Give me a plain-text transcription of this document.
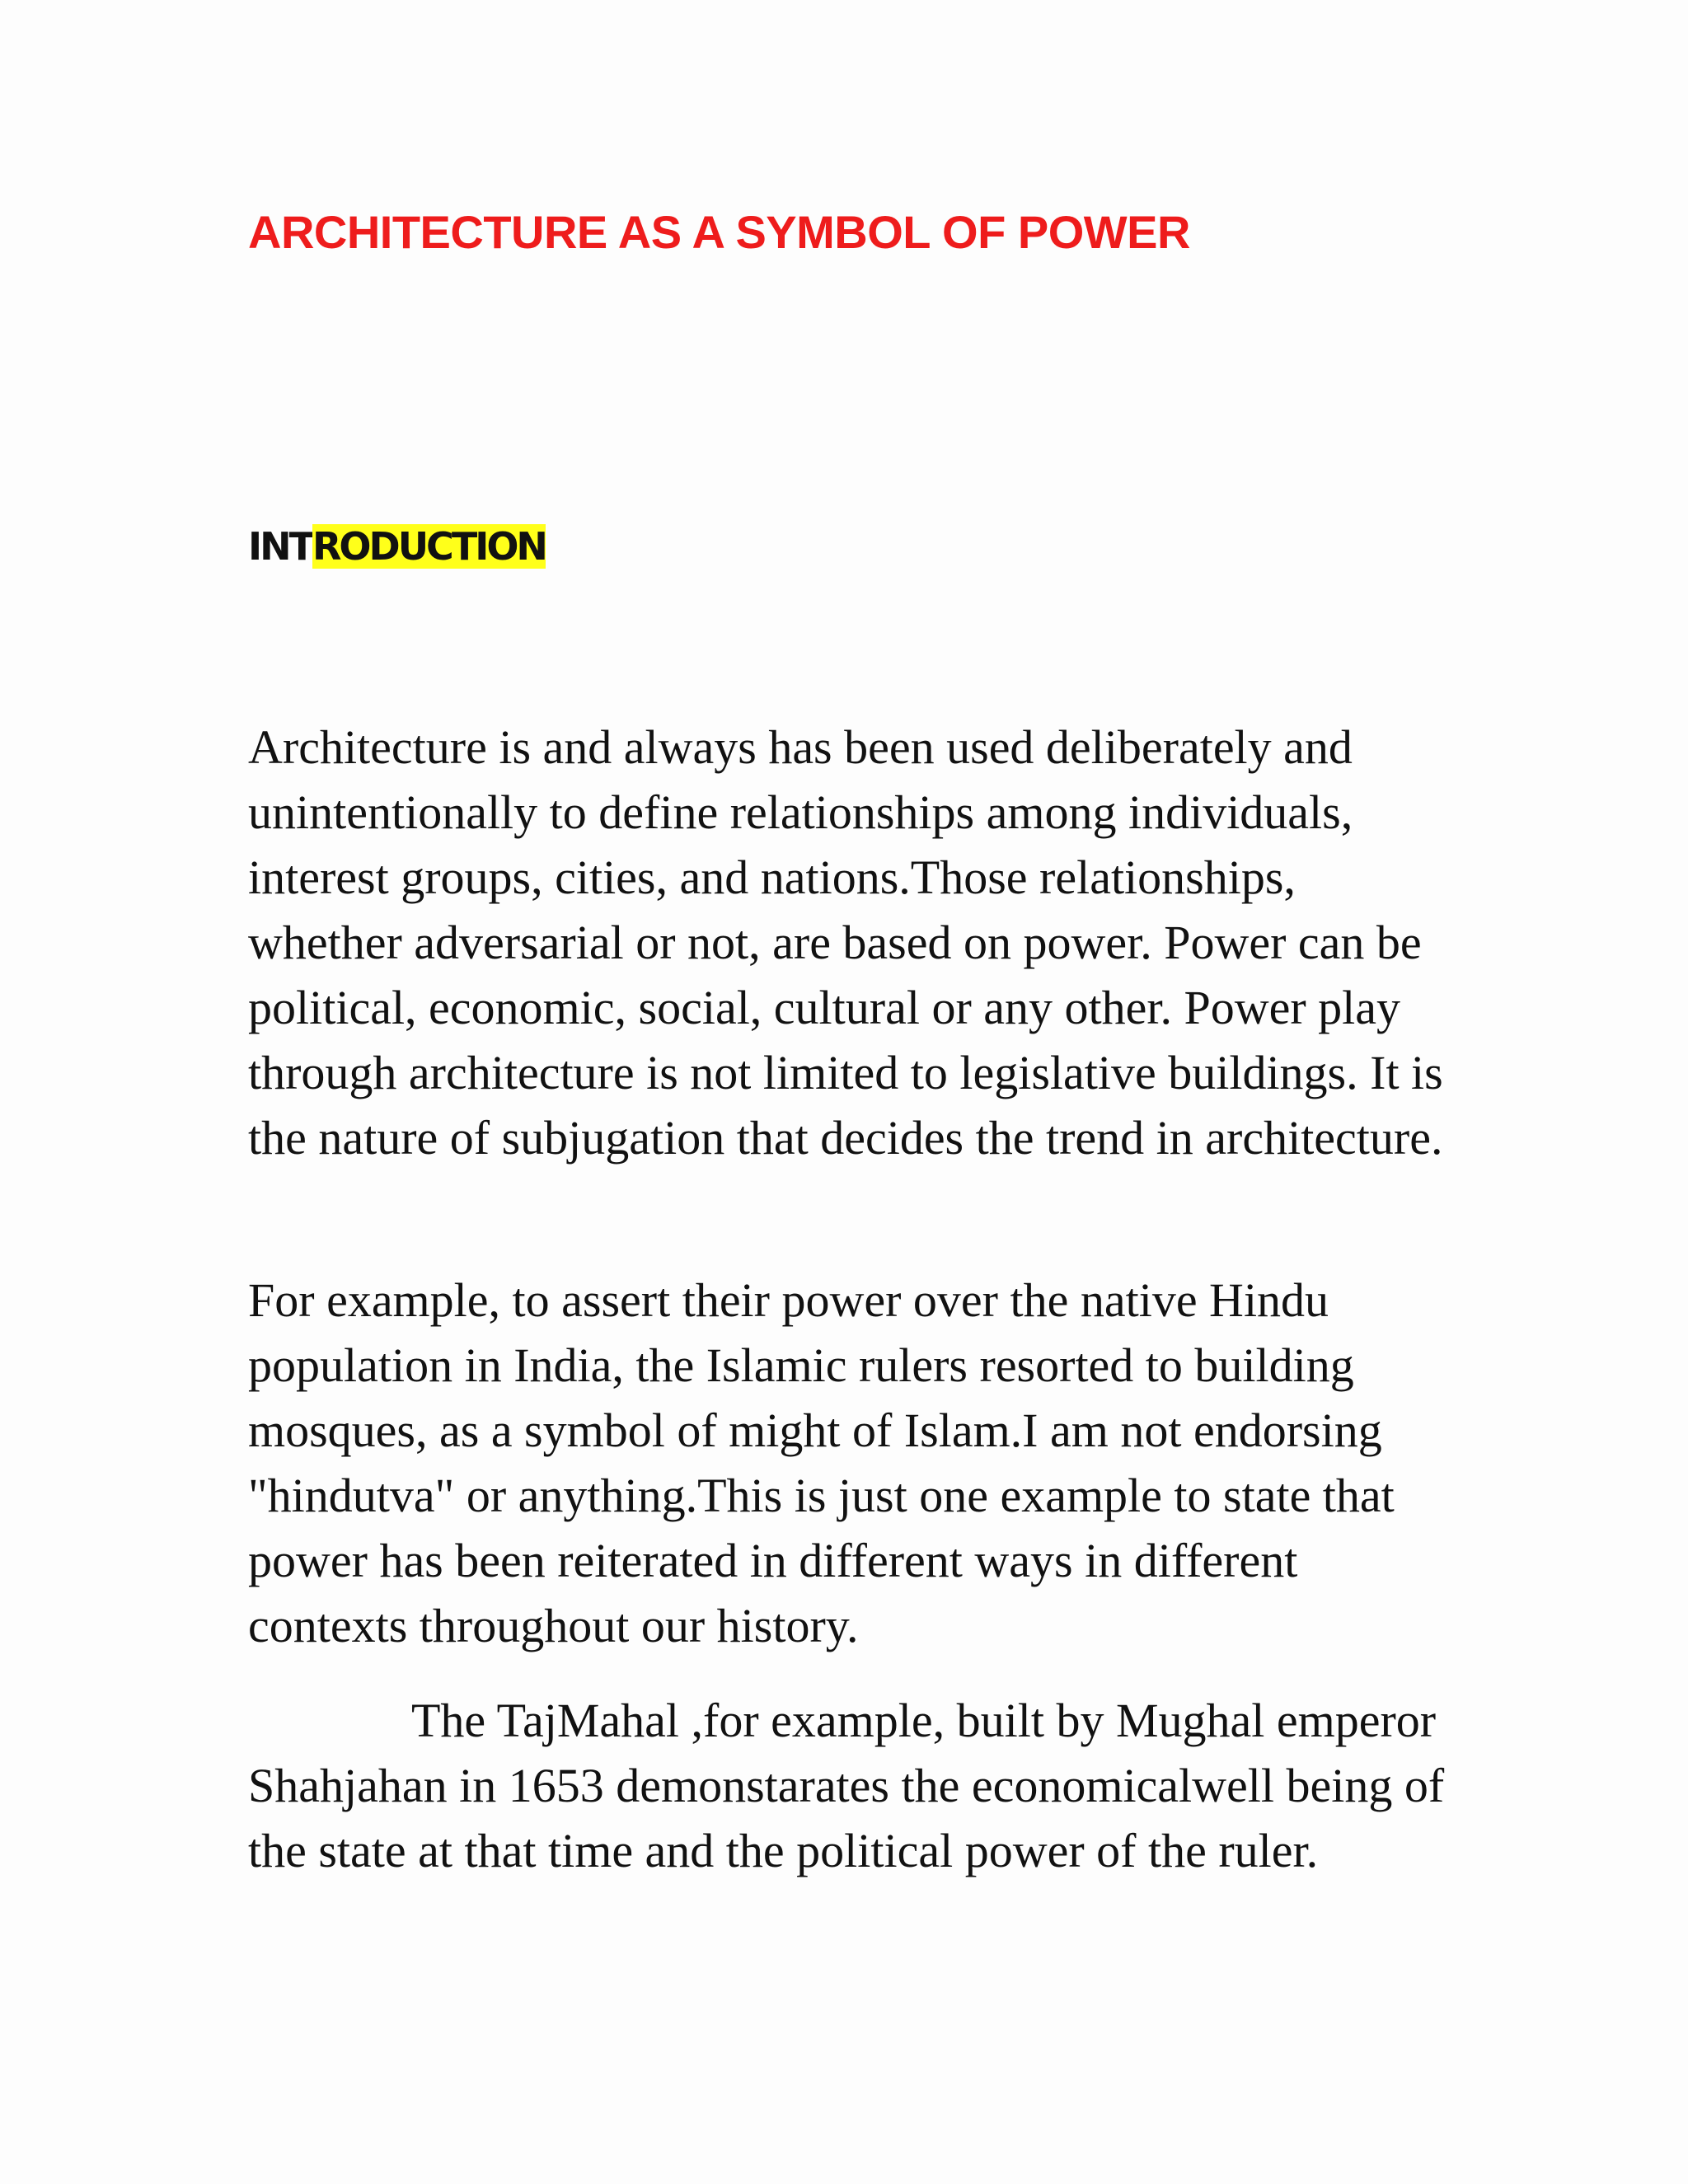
ARCHITECTURE AS A SYMBOL OF POWER
INTRODUCTION

Architecture is and always has been used deliberately and unintentionally to define relationships among individuals, interest groups, cities, and nations.Those relationships, whether adversarial or not, are based on power. Power can be political, economic, social, cultural or any other. Power play through architecture is not limited to legislative buildings. It is the nature of subjugation that decides the trend in architecture.

For example, to assert their power over the native Hindu population in India, the Islamic rulers resorted to building mosques, as a symbol of might of Islam.I am not endorsing "hindutva" or anything.This is just one example to state that power has been reiterated in different ways in different contexts throughout our history.

The TajMahal ,for example, built by Mughal emperor Shahjahan in 1653 demonstarates the economicalwell being of the state at that time and the political power of the ruler.
